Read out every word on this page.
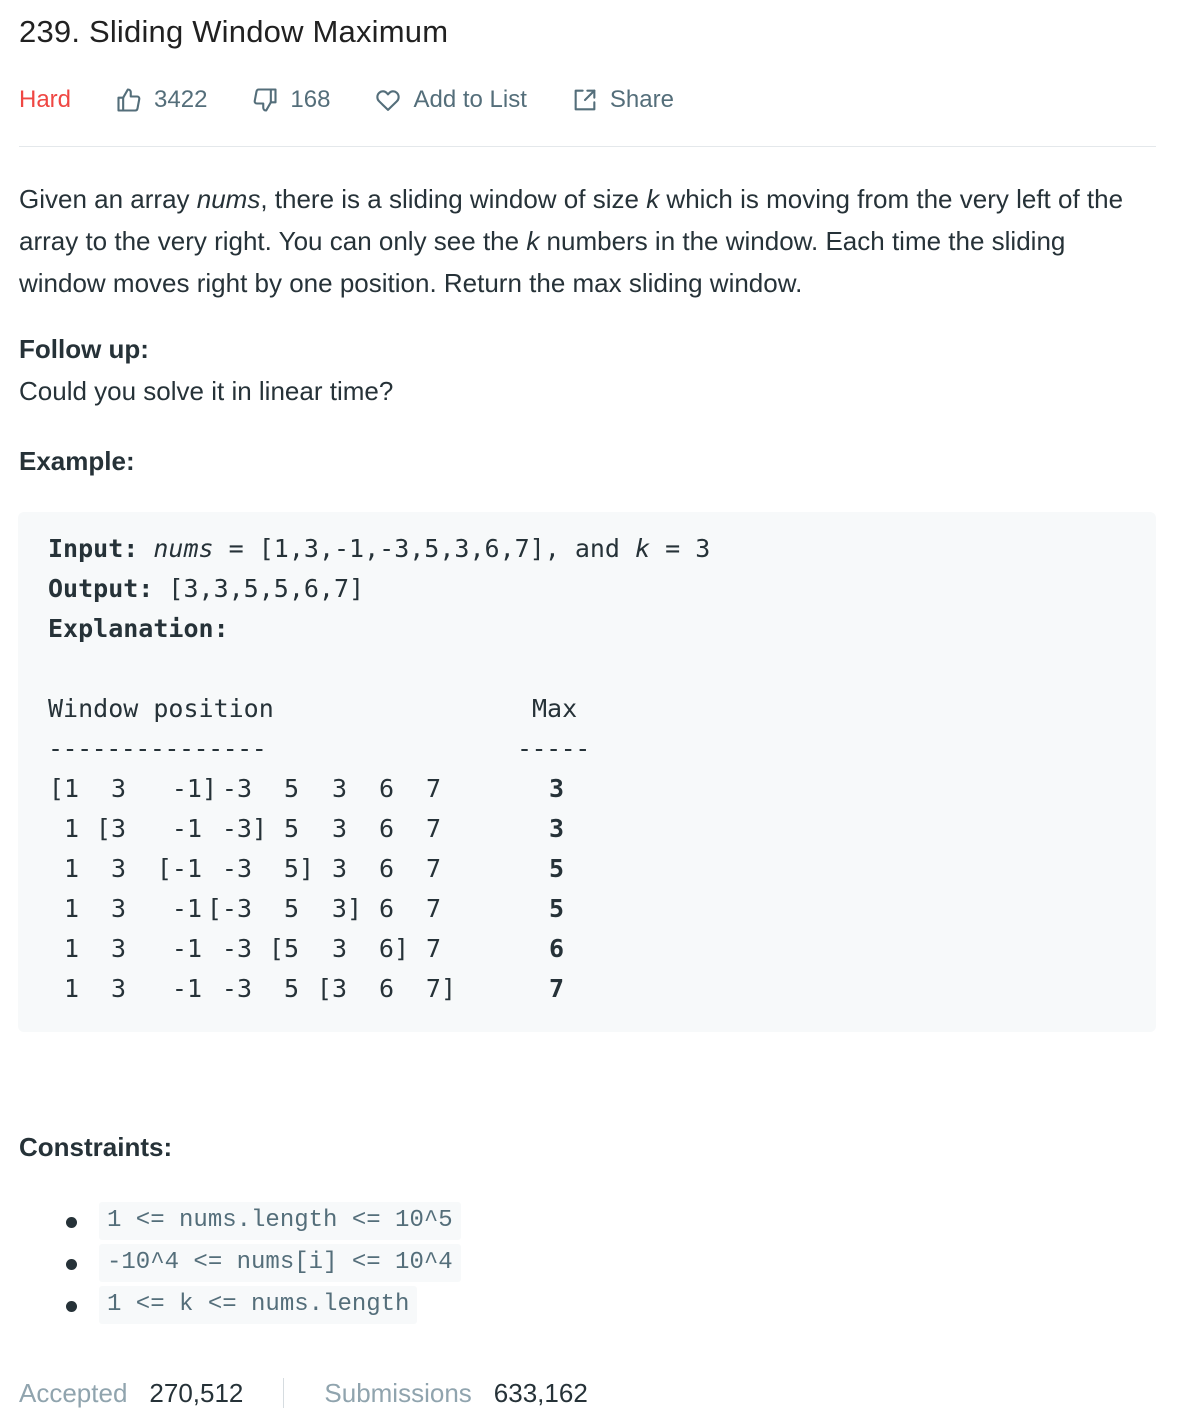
239. Sliding Window Maximum
Hard	3422	168	Add to List	Share
Given an array nums, there is a sliding window of size k which is moving from the very left of the array to the very right. You can only see the k numbers in the window. Each time the sliding window moves right by one position. Return the max sliding window.
Follow up:
Could you solve it in linear time?
Example:
Input: nums = [1,3,-1,-3,5,3,6,7], and k = 3
Output: [3,3,5,5,6,7]
Explanation:
Window position	Max
---------------	-----
[1 3 -1] -3 5 3 6 7	3
1 [3 -1 -3] 5 3 6 7	3
1 3 [-1 -3 5] 3 6 7	5
1 3 -1 [-3 5 3] 6 7	5
1 3 -1 -3 [5 3 6] 7	6
1 3 -1 -3 5 [3 6 7]	7
Constraints:
1 <= nums.length <= 10^5
-10^4 <= nums[i] <= 10^4
1 <= k <= nums.length
Accepted 270,512	Submissions 633,162
